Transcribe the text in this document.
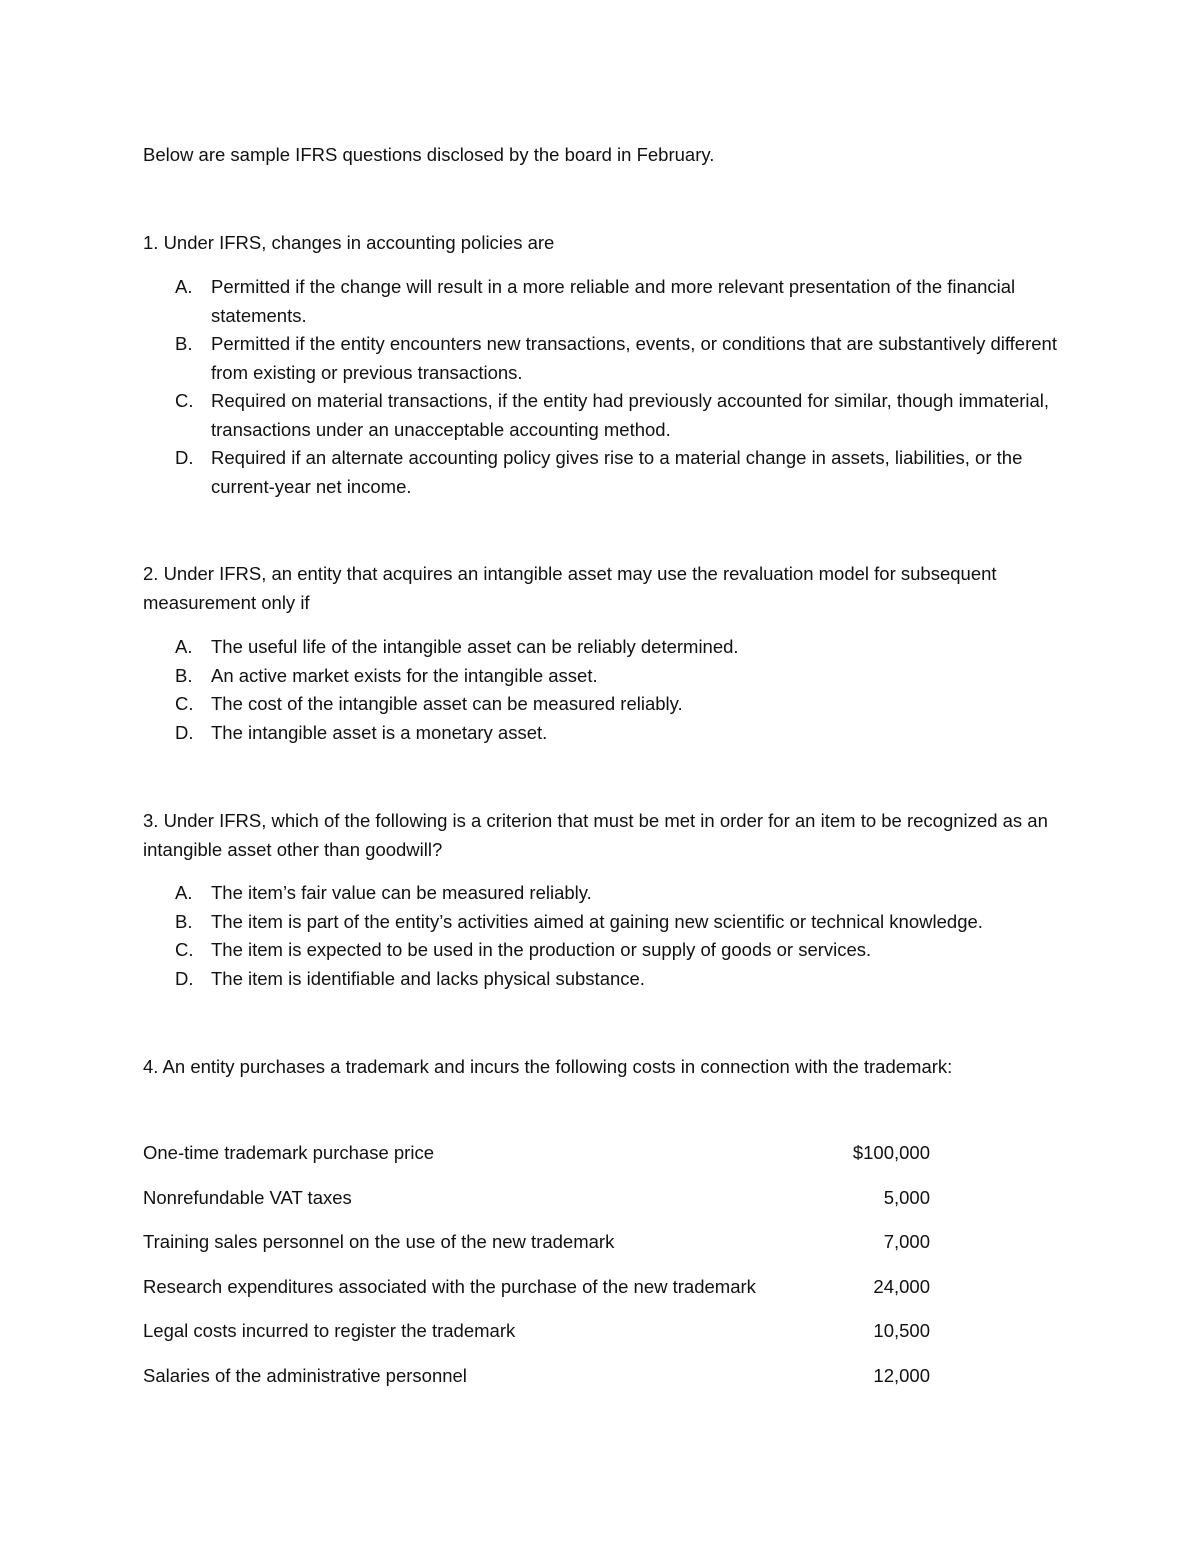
Below are sample IFRS questions disclosed by the board in February.
1. Under IFRS, changes in accounting policies are
A. Permitted if the change will result in a more reliable and more relevant presentation of the financial statements.
B. Permitted if the entity encounters new transactions, events, or conditions that are substantively different from existing or previous transactions.
C. Required on material transactions, if the entity had previously accounted for similar, though immaterial, transactions under an unacceptable accounting method.
D. Required if an alternate accounting policy gives rise to a material change in assets, liabilities, or the current-year net income.
2. Under IFRS, an entity that acquires an intangible asset may use the revaluation model for subsequent measurement only if
A. The useful life of the intangible asset can be reliably determined.
B. An active market exists for the intangible asset.
C. The cost of the intangible asset can be measured reliably.
D. The intangible asset is a monetary asset.
3. Under IFRS, which of the following is a criterion that must be met in order for an item to be recognized as an intangible asset other than goodwill?
A. The item’s fair value can be measured reliably.
B. The item is part of the entity’s activities aimed at gaining new scientific or technical knowledge.
C. The item is expected to be used in the production or supply of goods or services.
D. The item is identifiable and lacks physical substance.
4. An entity purchases a trademark and incurs the following costs in connection with the trademark:
One-time trademark purchase price	$100,000
Nonrefundable VAT taxes	5,000
Training sales personnel on the use of the new trademark	7,000
Research expenditures associated with the purchase of the new trademark	24,000
Legal costs incurred to register the trademark	10,500
Salaries of the administrative personnel	12,000
